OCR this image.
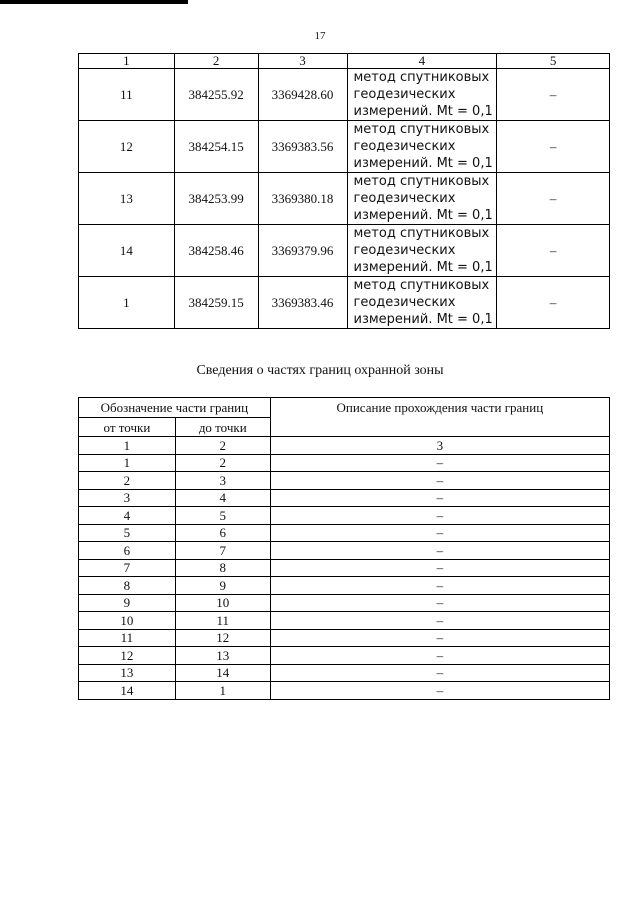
17
1	2	3	4	5
11	384255.92	3369428.60	метод спутниковых
геодезических
измерений. Mt = 0,1	–
12	384254.15	3369383.56	метод спутниковых
геодезических
измерений. Mt = 0,1	–
13	384253.99	3369380.18	метод спутниковых
геодезических
измерений. Mt = 0,1	–
14	384258.46	3369379.96	метод спутниковых
геодезических
измерений. Mt = 0,1	–
1	384259.15	3369383.46	метод спутниковых
геодезических
измерений. Mt = 0,1	–
Сведения о частях границ охранной зоны
Обозначение части границ		Описание прохождения части границ
от точки	до точки	
1	2	3
1	2	–
2	3	–
3	4	–
4	5	–
5	6	–
6	7	–
7	8	–
8	9	–
9	10	–
10	11	–
11	12	–
12	13	–
13	14	–
14	1	–
